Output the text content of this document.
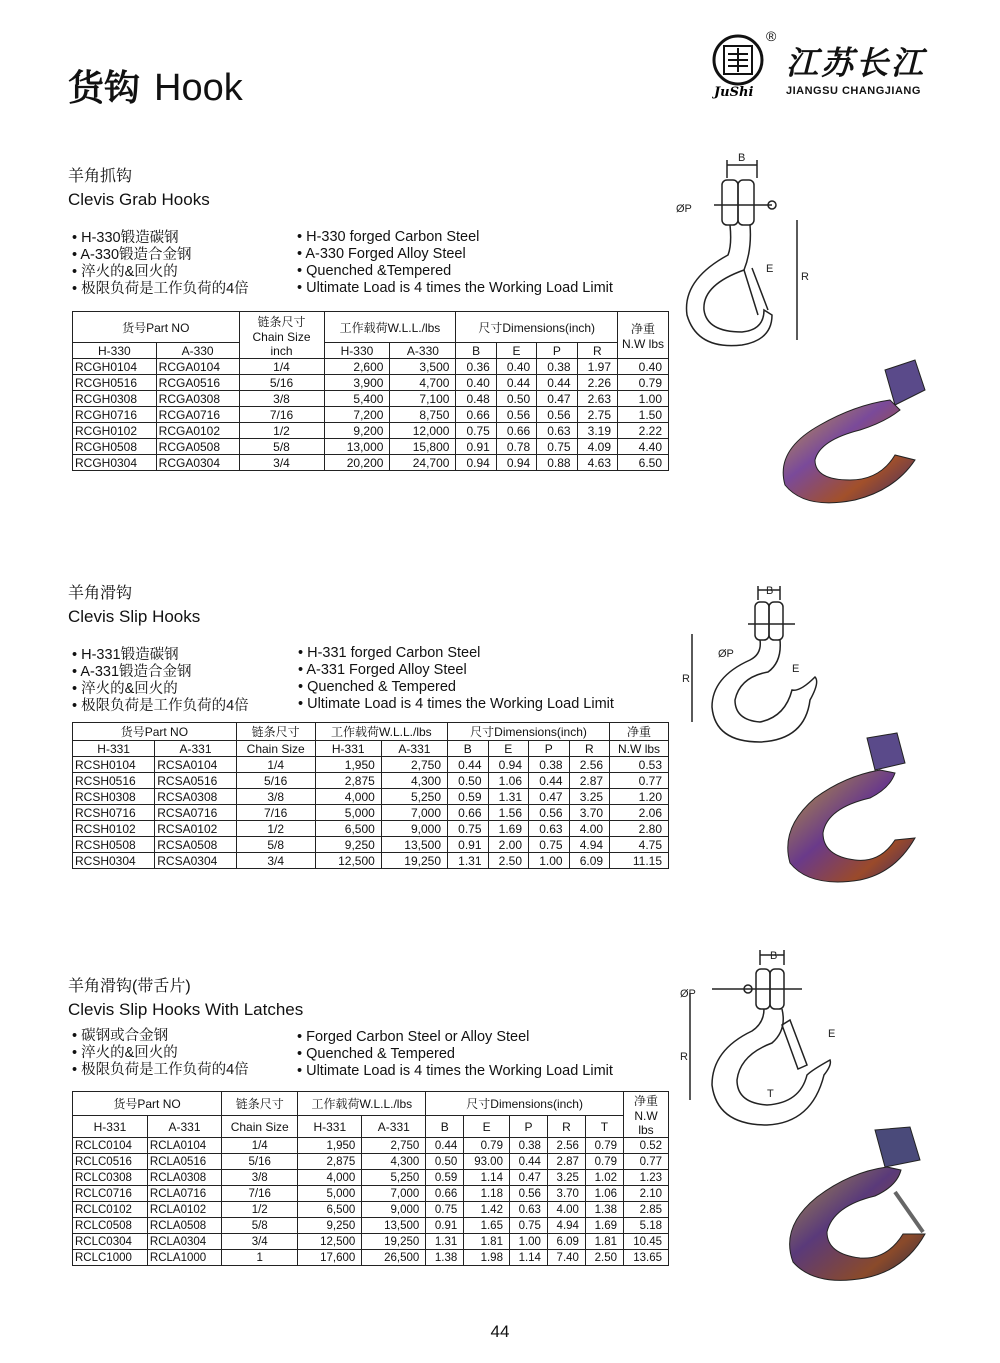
货钩 Hook	JuShi
®
江苏长江
JIANGSU CHANGJIANG

羊角抓钩

Clevis Grab Hooks

• H-330锻造碳钢
• A-330锻造合金钢
• 淬火的&回火的
• 极限负荷是工作负荷的4倍
• H-330 forged Carbon Steel
• A-330 Forged Alloy Steel
• Quenched &Tempered
• Ultimate Load is 4 times the Working Load Limit
货号Part NO		链条尺寸 Chain Size inch	工作载荷W.L.L./lbs		尺寸Dimensions(inch)				净重 N.W lbs

H-330	A-330		H-330	A-330	B	E	P	R	
RCGH0104	RCGA0104	1/4	2,600	3,500	0.36	0.40	0.38	1.97	0.40
RCGH0516	RCGA0516	5/16	3,900	4,700	0.40	0.44	0.44	2.26	0.79
RCGH0308	RCGA0308	3/8	5,400	7,100	0.48	0.50	0.47	2.63	1.00
RCGH0716	RCGA0716	7/16	7,200	8,750	0.66	0.56	0.56	2.75	1.50
RCGH0102	RCGA0102	1/2	9,200	12,000	0.75	0.66	0.63	3.19	2.22
RCGH0508	RCGA0508	5/8	13,000	15,800	0.91	0.78	0.75	4.09	4.40
RCGH0304	RCGA0304	3/4	20,200	24,700	0.94	0.94	0.88	4.63	6.50
B
ØP
E
R

羊角滑钩

Clevis Slip Hooks

• H-331锻造碳钢
• A-331锻造合金钢
• 淬火的&回火的
• 极限负荷是工作负荷的4倍
• H-331 forged Carbon Steel
• A-331 Forged Alloy Steel
• Quenched & Tempered
• Ultimate Load is 4 times the Working Load Limit
货号Part NO		链条尺寸	工作载荷W.L.L./lbs		尺寸Dimensions(inch)				净重
H-331	A-331	Chain Size	H-331	A-331	B	E	P	R	N.W lbs
RCSH0104	RCSA0104	1/4	1,950	2,750	0.44	0.94	0.38	2.56	0.53
RCSH0516	RCSA0516	5/16	2,875	4,300	0.50	1.06	0.44	2.87	0.77
RCSH0308	RCSA0308	3/8	4,000	5,250	0.59	1.31	0.47	3.25	1.20
RCSH0716	RCSA0716	7/16	5,000	7,000	0.66	1.56	0.56	3.70	2.06
RCSH0102	RCSA0102	1/2	6,500	9,000	0.75	1.69	0.63	4.00	2.80
RCSH0508	RCSA0508	5/8	9,250	13,500	0.91	2.00	0.75	4.94	4.75
RCSH0304	RCSA0304	3/4	12,500	19,250	1.31	2.50	1.00	6.09	11.15
B
ØP
E
R

羊角滑钩(带舌片)

Clevis Slip Hooks With Latches

• 碳钢或合金钢
• 淬火的&回火的
• 极限负荷是工作负荷的4倍
• Forged Carbon Steel or Alloy Steel
• Quenched & Tempered
• Ultimate Load is 4 times the Working Load Limit
货号Part NO		链条尺寸	工作载荷W.L.L./lbs		尺寸Dimensions(inch)					净重N.W lbs
H-331	A-331	Chain Size	H-331	A-331	B	E	P	R	T	
RCLC0104	RCLA0104	1/4	1,950	2,750	0.44	0.79	0.38	2.56	0.79	0.52
RCLC0516	RCLA0516	5/16	2,875	4,300	0.50	93.00	0.44	2.87	0.79	0.77
RCLC0308	RCLA0308	3/8	4,000	5,250	0.59	1.14	0.47	3.25	1.02	1.23
RCLC0716	RCLA0716	7/16	5,000	7,000	0.66	1.18	0.56	3.70	1.06	2.10
RCLC0102	RCLA0102	1/2	6,500	9,000	0.75	1.42	0.63	4.00	1.38	2.85
RCLC0508	RCLA0508	5/8	9,250	13,500	0.91	1.65	0.75	4.94	1.69	5.18
RCLC0304	RCLA0304	3/4	12,500	19,250	1.31	1.81	1.00	6.09	1.81	10.45
RCLC1000	RCLA1000	1	17,600	26,500	1.38	1.98	1.14	7.40	2.50	13.65
B
ØP
E
R
T
44
